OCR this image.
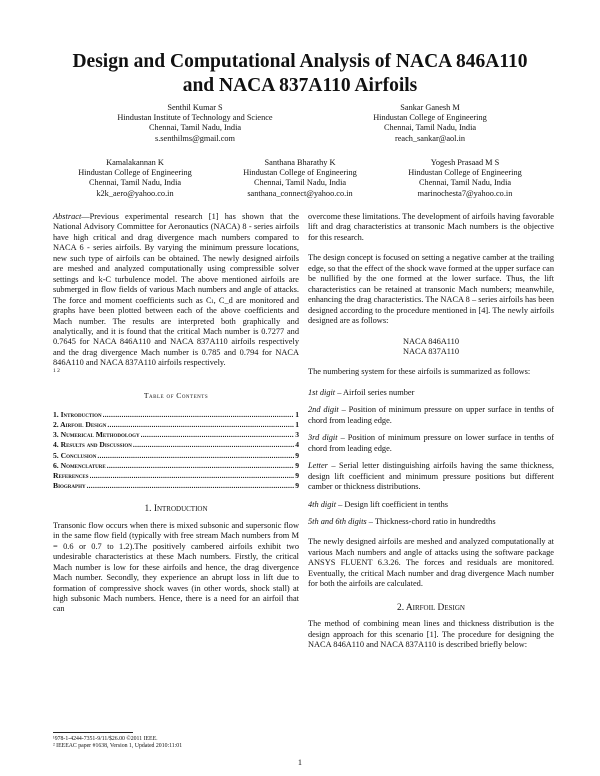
Design and Computational Analysis of NACA 846A110
and NACA 837A110 Airfoils
Senthil Kumar S
Hindustan Institute of Technology and Science
Chennai, Tamil Nadu, India
s.senthilms@gmail.com
Sankar Ganesh M
Hindustan College of Engineering
Chennai, Tamil Nadu, India
reach_sankar@aol.in
Kamalakannan K
Hindustan College of Engineering
Chennai, Tamil Nadu, India
k2k_aero@yahoo.co.in
Santhana Bharathy K
Hindustan College of Engineering
Chennai, Tamil Nadu, India
santhana_connect@yahoo.co.in
Yogesh Prasaad M S
Hindustan College of Engineering
Chennai, Tamil Nadu, India
marinochesta7@yahoo.co.in

Abstract—Previous experimental research [1] has shown that the National Advisory Committee for Aeronautics (NACA) 8 - series airfoils have high critical and drag divergence mach numbers compared to NACA 6 - series airfoils. By varying the minimum pressure locations, new such type of airfoils can be obtained. The newly designed airfoils are meshed and analyzed computationally using compressible solver settings and k-C turbulence model. The above mentioned airfoils are submerged in flow fields of various Mach numbers and angle of attacks. The force and moment coefficients such as Cₗ, C_d are monitored and graphs have been plotted between each of the above coefficients and Mach number. The results are interpreted both graphically and analytically, and it is found that the critical Mach number is 0.7277 and 0.7645 for NACA 846A110 and NACA 837A110 airfoils respectively and the drag divergence Mach number is 0.785 and 0.794 for NACA 846A110 and NACA 837A110 airfoils respectively.
$^{1 2}$

Table of Contents
1. Introduction .....	1
2. Airfoil Design .....	1
3. Numerical Methodology .....	3
4. Results and Discussion .....	4
5. Conclusion .....	9
6. Nomenclature .....	9
References .....	9
Biography .....	9
1. Introduction

Transonic flow occurs when there is mixed subsonic and supersonic flow in the same flow field (typically with free stream Mach numbers from M = 0.6 or 0.7 to 1.2).The positively cambered airfoils exhibit two undesirable characteristics at these Mach numbers. Firstly, the critical Mach number is low for these airfoils and hence, the drag divergence Mach number. Secondly, they experience an abrupt loss in lift due to formation of compressive shock waves (in other words, shock stall) at high subsonic Mach numbers. Hence, there is a need for an airfoil that can

¹978-1-4244-7351-9/11/$26.00 ©2011 IEEE.
² IEEEAC paper #1638, Version 1, Updated 2010:11:01

overcome these limitations. The development of airfoils having favorable lift and drag characteristics at transonic Mach numbers is the objective for this research.

The design concept is focused on setting a negative camber at the trailing edge, so that the effect of the shock wave formed at the upper surface can be nullified by the one formed at the lower surface. Thus, the lift characteristics can be retained at transonic Mach numbers; meanwhile, enhancing the drag characteristics. The NACA 8 – series airfoils has been designed according to the procedure mentioned in [4]. The newly airfoils designed are as follows:

NACA 846A110

NACA 837A110

The numbering system for these airfoils is summarized as follows:

1st digit – Airfoil series number

2nd digit – Position of minimum pressure on upper surface in tenths of chord from leading edge.

3rd digit – Position of minimum pressure on lower surface in tenths of chord from leading edge.

Letter – Serial letter distinguishing airfoils having the same thickness, design lift coefficient and minimum pressure positions but different camber or thickness distributions.

4th digit – Design lift coefficient in tenths

5th and 6th digits – Thickness-chord ratio in hundredths

The newly designed airfoils are meshed and analyzed computationally at various Mach numbers and angle of attacks using the software package ANSYS FLUENT 6.3.26. The forces and residuals are monitored. Eventually, the critical Mach number and drag divergence Mach number for both the airfoils are calculated.

2. Airfoil Design

The method of combining mean lines and thickness distribution is the design approach for this scenario [1]. The procedure for designing the NACA 846A110 and NACA 837A110 is described briefly below:

1
